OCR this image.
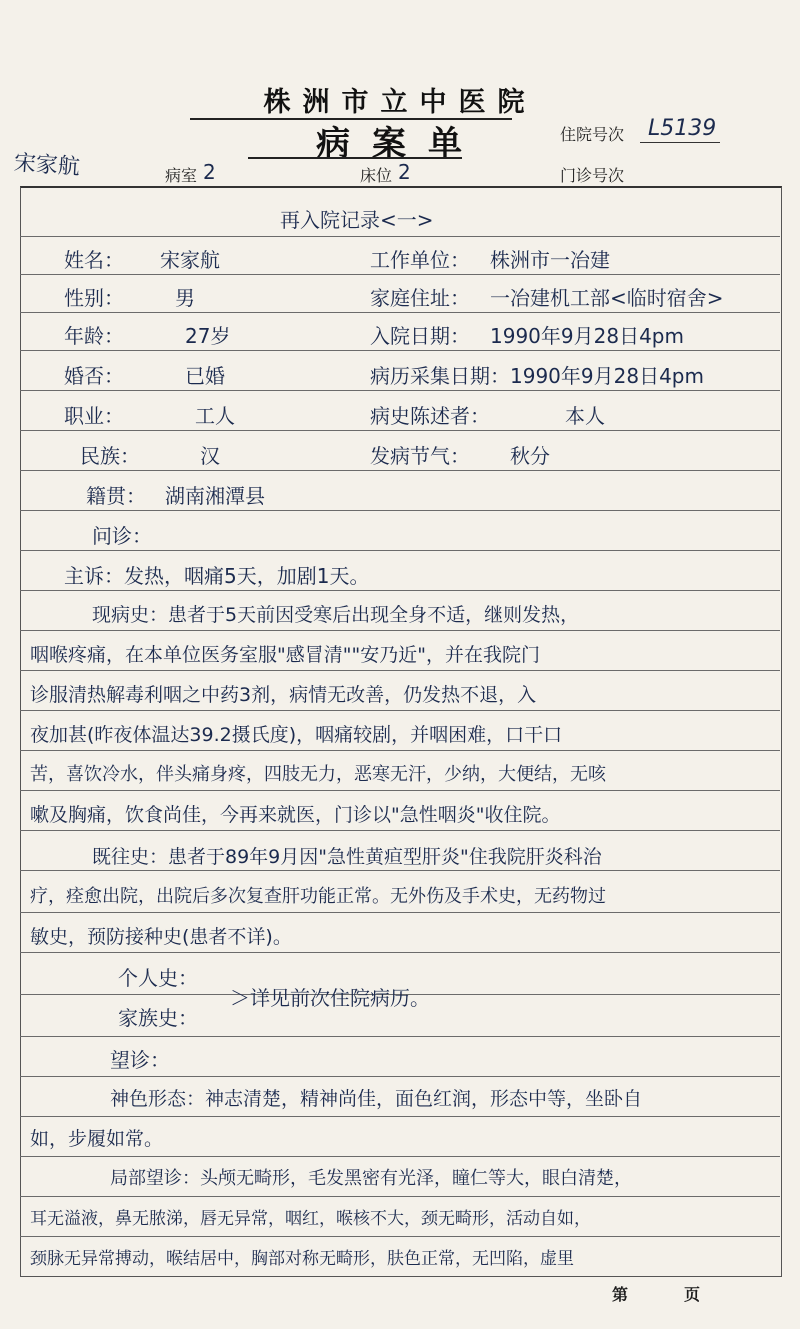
株洲市立中医院
病案单	住院号次 L5139
宋家航	病室 2	床位 2	门诊号次
再入院记录<一>
姓名： 宋家航	工作单位： 株洲市一冶建
性别：	男	家庭住址： 一冶建机工部<临时宿舍>
年龄：	27岁	入院日期： 1990年9月28日4pm
婚否：	已婚	病历采集日期： 1990年9月28日4pm
职业：	工人	病史陈述者：	本人
民族：	汉	发病节气： 秋分
籍贯： 湖南湘潭县
问诊：
主诉：发热，咽痛5天，加剧1天。
现病史：患者于5天前因受寒后出现全身不适，继则发热，
咽喉疼痛，在本单位医务室服"感冒清""安乃近"，并在我院门
诊服清热解毒利咽之中药3剂，病情无改善，仍发热不退，入
夜加甚(昨夜体温达39.2摄氏度)，咽痛较剧，并咽困难，口干口
苦，喜饮冷水，伴头痛身疼，四肢无力，恶寒无汗，少纳，大便结，无咳
嗽及胸痛，饮食尚佳，今再来就医，门诊以"急性咽炎"收住院。
既往史：患者于89年9月因"急性黄疸型肝炎"住我院肝炎科治
疗，痊愈出院，出院后多次复查肝功能正常。无外伤及手术史，无药物过
敏史，预防接种史(患者不详)。
个人史：
家族史：
＞详见前次住院病历。
望诊：
神色形态：神志清楚，精神尚佳，面色红润，形态中等，坐卧自
如，步履如常。
局部望诊：头颅无畸形，毛发黑密有光泽，瞳仁等大，眼白清楚，
耳无溢液，鼻无脓涕，唇无异常，咽红，喉核不大，颈无畸形，活动自如，
颈脉无异常搏动，喉结居中，胸部对称无畸形，肤色正常，无凹陷，虚里
第	页
